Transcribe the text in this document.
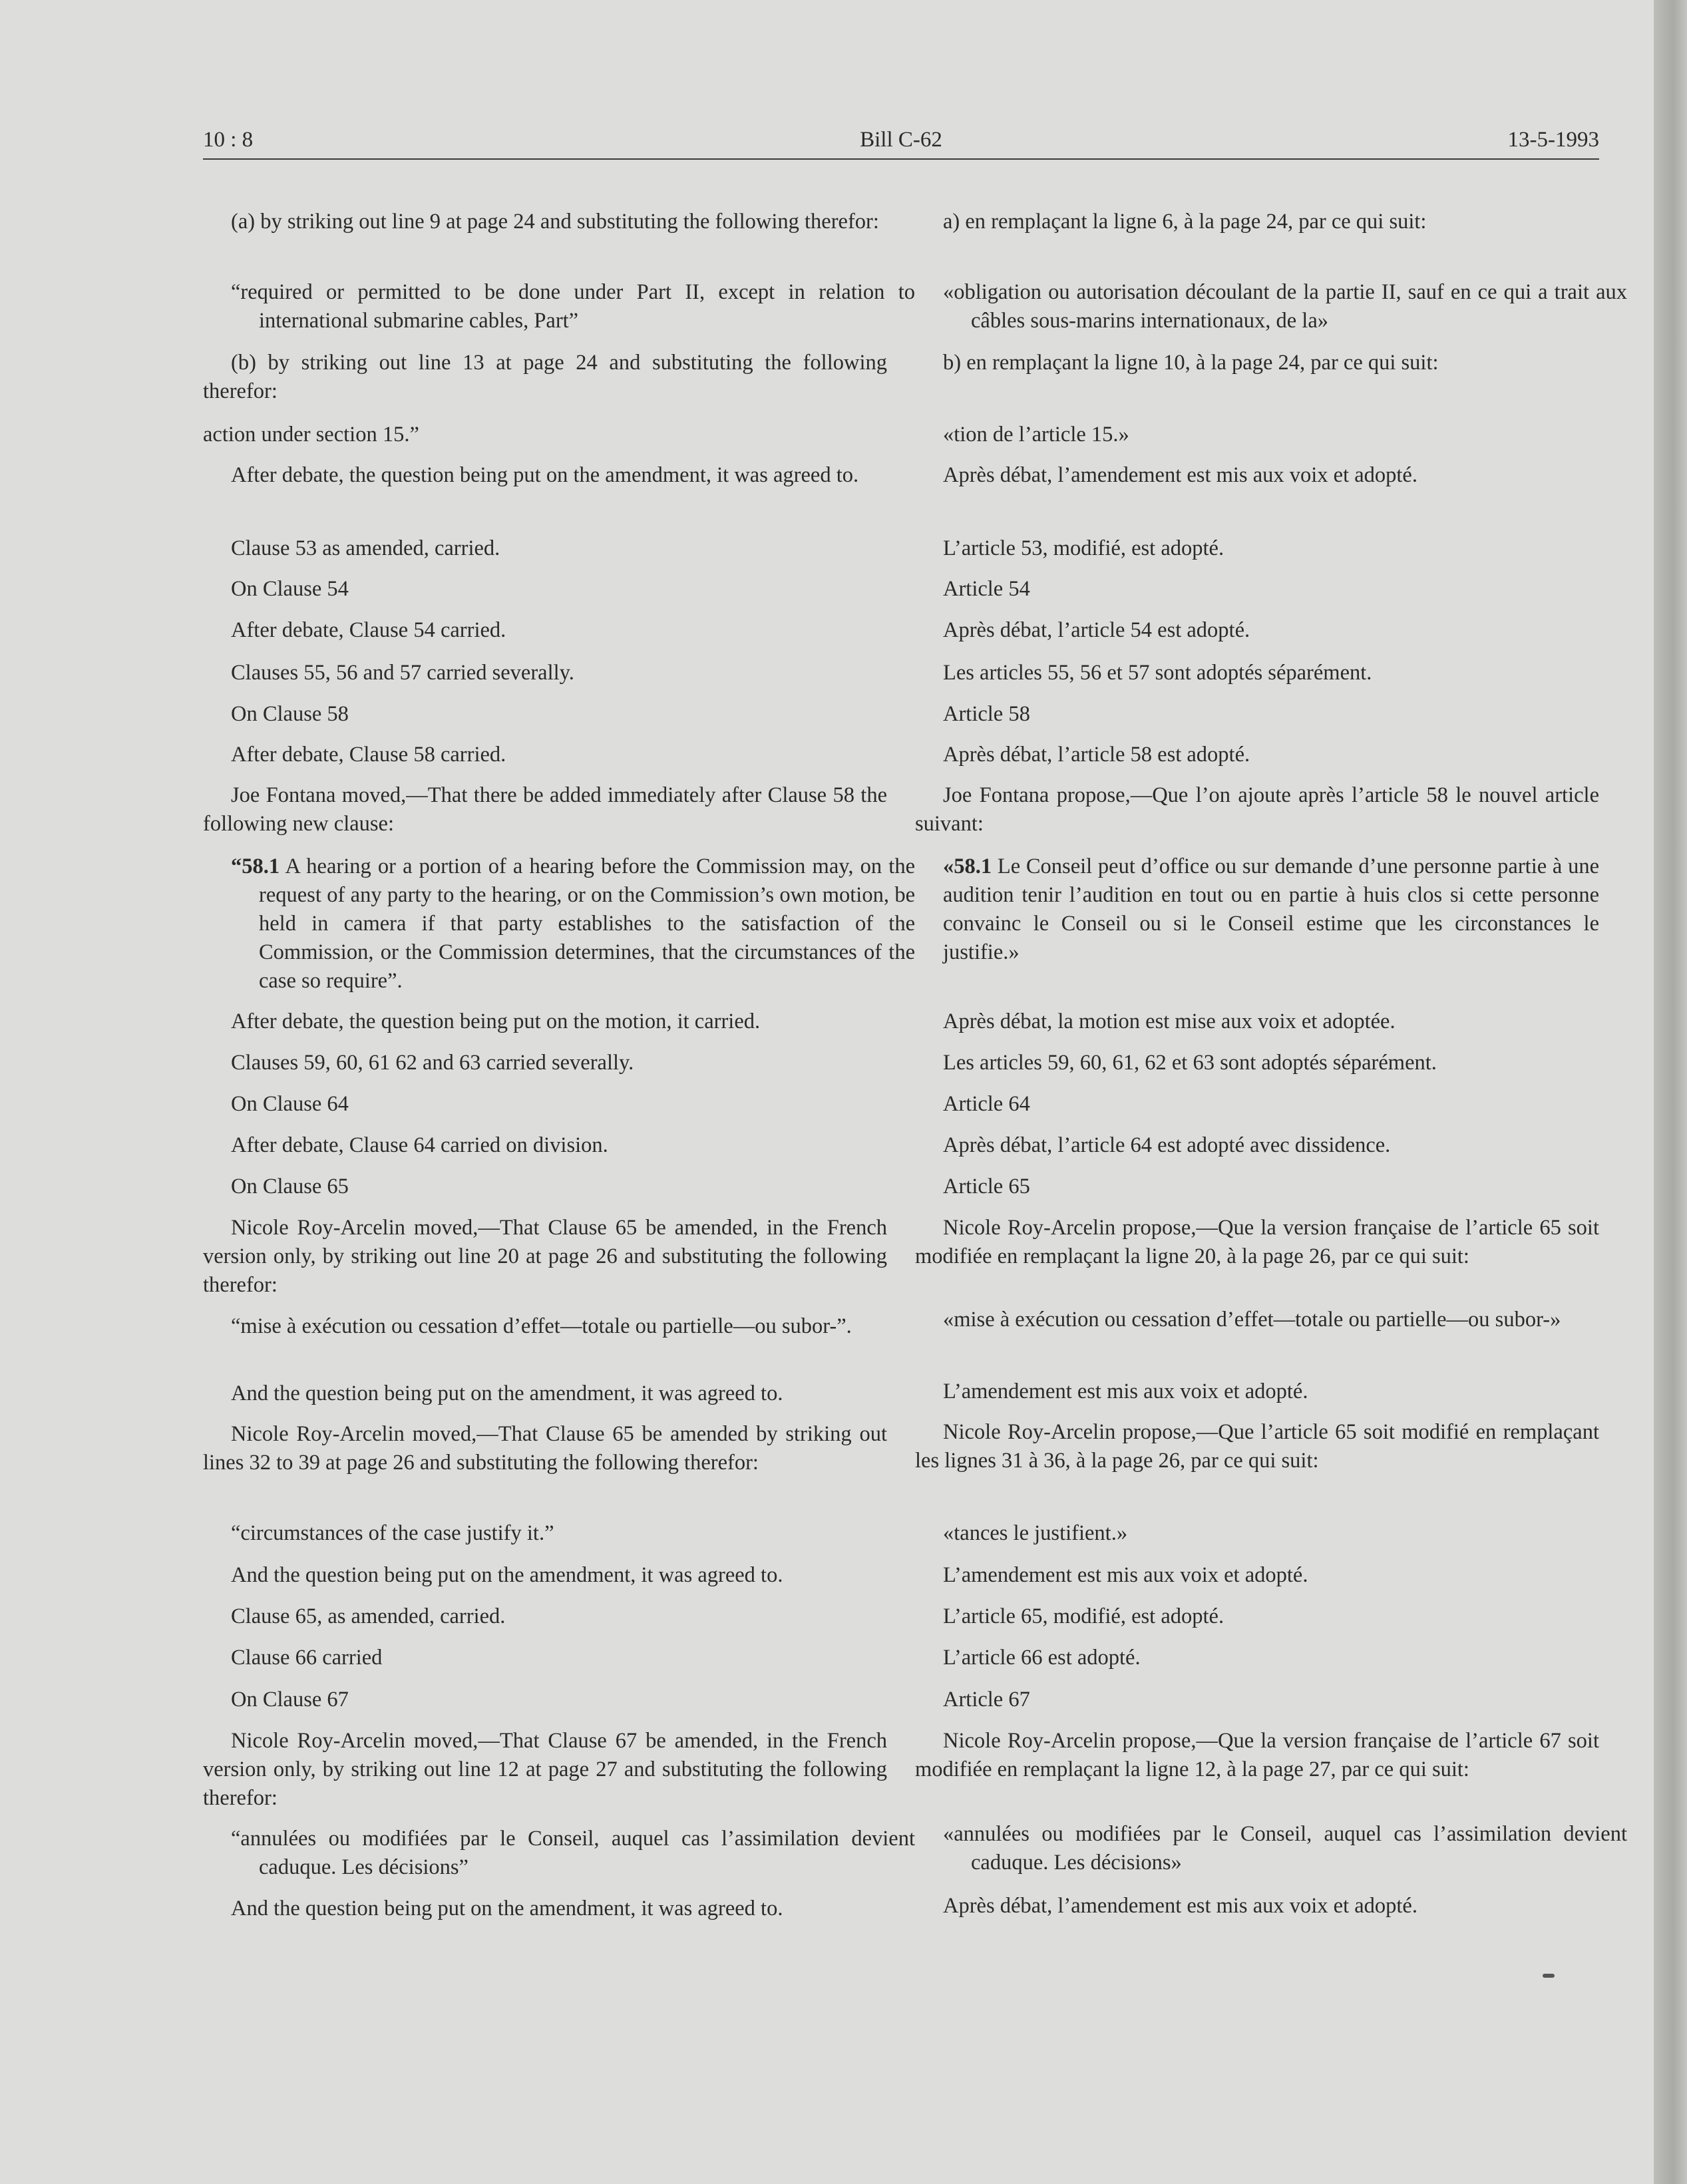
10 : 8	Bill C-62	13-5-1993

(a) by striking out line 9 at page 24 and substituting the following therefor:

“required or permitted to be done under Part II, except in relation to international submarine cables, Part”

(b) by striking out line 13 at page 24 and substituting the following therefor:

action under section 15.”

After debate, the question being put on the amendment, it was agreed to.

Clause 53 as amended, carried.

On Clause 54

After debate, Clause 54 carried.

Clauses 55, 56 and 57 carried severally.

On Clause 58

After debate, Clause 58 carried.

Joe Fontana moved,—That there be added immediately after Clause 58 the following new clause:

“58.1 A hearing or a portion of a hearing before the Commission may, on the request of any party to the hearing, or on the Commission’s own motion, be held in camera if that party establishes to the satisfaction of the Commission, or the Commission determines, that the circumstances of the case so require”.

After debate, the question being put on the motion, it carried.

Clauses 59, 60, 61 62 and 63 carried severally.

On Clause 64

After debate, Clause 64 carried on division.

On Clause 65

Nicole Roy-Arcelin moved,—That Clause 65 be amended, in the French version only, by striking out line 20 at page 26 and substituting the following therefor:

“mise à exécution ou cessation d’effet—totale ou partielle—ou subor-”.

And the question being put on the amendment, it was agreed to.

Nicole Roy-Arcelin moved,—That Clause 65 be amended by striking out lines 32 to 39 at page 26 and substituting the following therefor:

“circumstances of the case justify it.”

And the question being put on the amendment, it was agreed to.

Clause 65, as amended, carried.

Clause 66 carried

On Clause 67

Nicole Roy-Arcelin moved,—That Clause 67 be amended, in the French version only, by striking out line 12 at page 27 and substituting the following therefor:

“annulées ou modifiées par le Conseil, auquel cas l’assimilation devient caduque. Les décisions”

And the question being put on the amendment, it was agreed to.

a) en remplaçant la ligne 6, à la page 24, par ce qui suit:

«obligation ou autorisation découlant de la partie II, sauf en ce qui a trait aux câbles sous-marins internationaux, de la»

b) en remplaçant la ligne 10, à la page 24, par ce qui suit:

«tion de l’article 15.»

Après débat, l’amendement est mis aux voix et adopté.

L’article 53, modifié, est adopté.

Article 54

Après débat, l’article 54 est adopté.

Les articles 55, 56 et 57 sont adoptés séparément.

Article 58

Après débat, l’article 58 est adopté.

Joe Fontana propose,—Que l’on ajoute après l’article 58 le nouvel article suivant:

«58.1 Le Conseil peut d’office ou sur demande d’une personne partie à une audition tenir l’audition en tout ou en partie à huis clos si cette personne convainc le Conseil ou si le Conseil estime que les circonstances le justifie.»

Après débat, la motion est mise aux voix et adoptée.

Les articles 59, 60, 61, 62 et 63 sont adoptés séparément.

Article 64

Après débat, l’article 64 est adopté avec dissidence.

Article 65

Nicole Roy-Arcelin propose,—Que la version française de l’article 65 soit modifiée en remplaçant la ligne 20, à la page 26, par ce qui suit:

«mise à exécution ou cessation d’effet—totale ou partielle—ou subor-»

L’amendement est mis aux voix et adopté.

Nicole Roy-Arcelin propose,—Que l’article 65 soit modifié en remplaçant les lignes 31 à 36, à la page 26, par ce qui suit:

«tances le justifient.»

L’amendement est mis aux voix et adopté.

L’article 65, modifié, est adopté.

L’article 66 est adopté.

Article 67

Nicole Roy-Arcelin propose,—Que la version française de l’article 67 soit modifiée en remplaçant la ligne 12, à la page 27, par ce qui suit:

«annulées ou modifiées par le Conseil, auquel cas l’assimilation devient caduque. Les décisions»

Après débat, l’amendement est mis aux voix et adopté.
